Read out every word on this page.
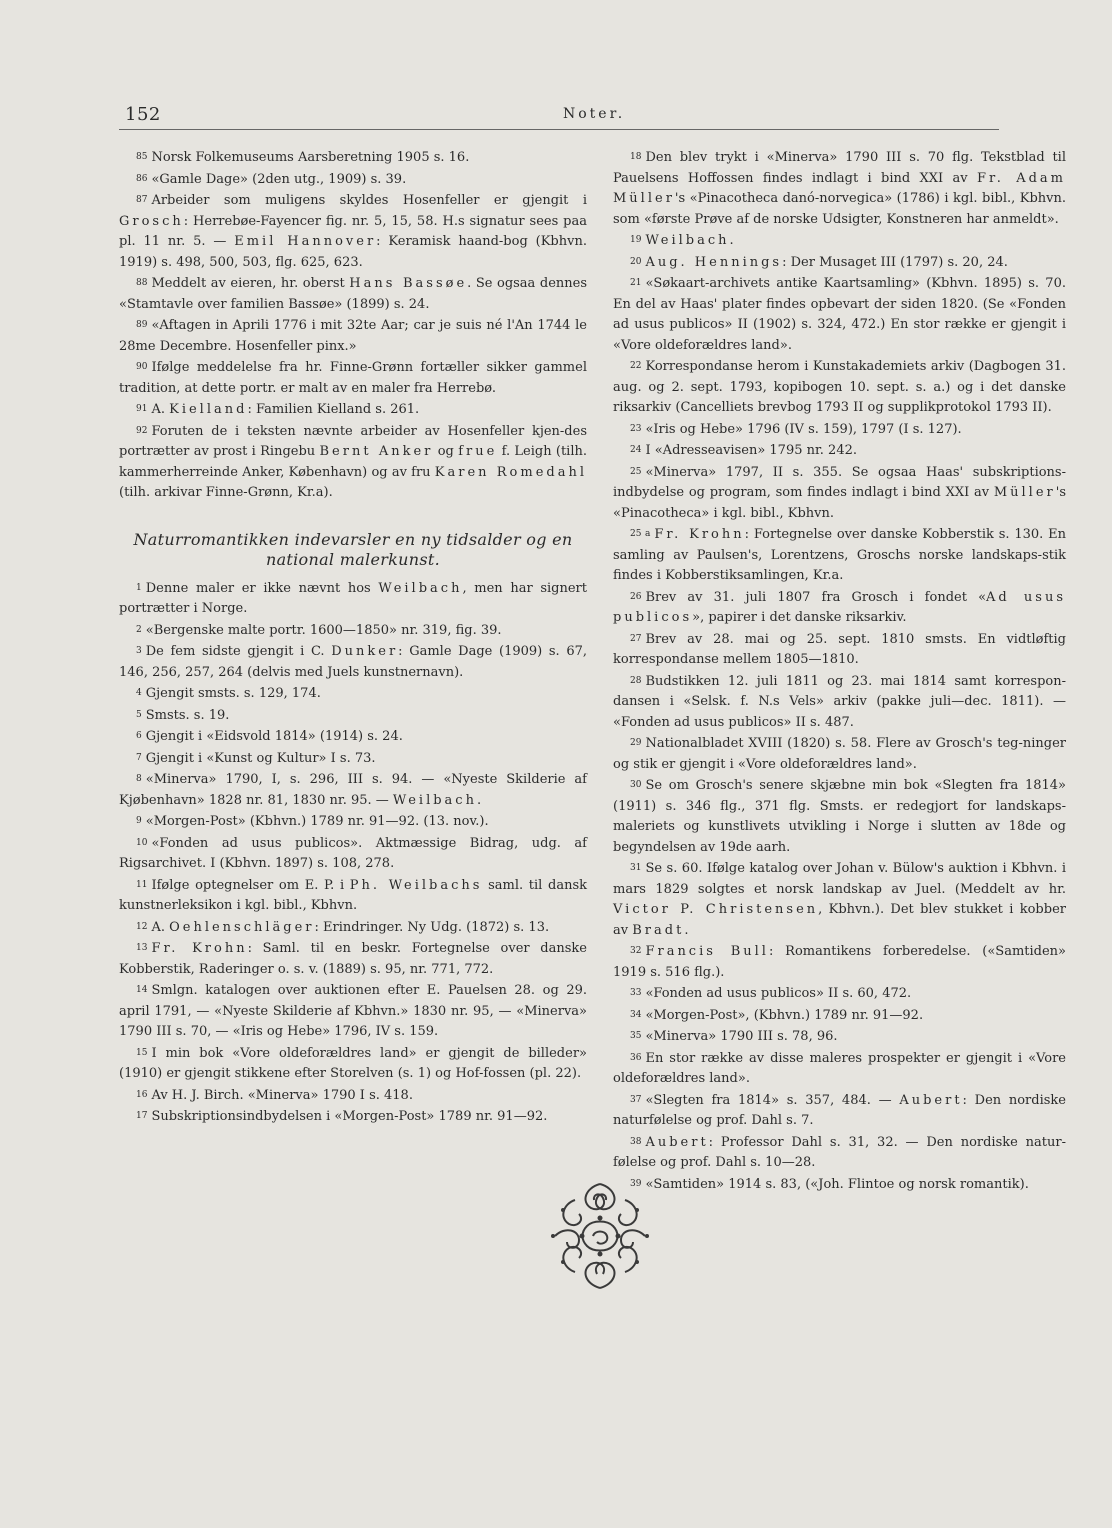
152	Noter.

85 Norsk Folkemuseums Aarsberetning 1905 s. 16.

86 «Gamle Dage» (2den utg., 1909) s. 39.

87 Arbeider som muligens skyldes Hosenfeller er gjengit i Grosch: Herrebøe-Fayencer fig. nr. 5, 15, 58. H.s signatur sees paa pl. 11 nr. 5. — Emil Hannover: Keramisk haand-bog (Kbhvn. 1919) s. 498, 500, 503, flg. 625, 623.

88 Meddelt av eieren, hr. oberst Hans Bassøe. Se ogsaa dennes «Stamtavle over familien Bassøe» (1899) s. 24.

89 «Aftagen in Aprili 1776 i mit 32te Aar; car je suis né l'An 1744 le 28me Decembre. Hosenfeller pinx.»

90 Ifølge meddelelse fra hr. Finne-Grønn fortæller sikker gammel tradition, at dette portr. er malt av en maler fra Herrebø.

91 A. Kielland: Familien Kielland s. 261.

92 Foruten de i teksten nævnte arbeider av Hosenfeller kjen-des portrætter av prost i Ringebu Bernt Anker og frue f. Leigh (tilh. kammerherreinde Anker, København) og av fru Karen Romedahl (tilh. arkivar Finne-Grønn, Kr.a).

Naturromantikken indevarsler en ny tidsalder og en national malerkunst.

1 Denne maler er ikke nævnt hos Weilbach, men har signert portrætter i Norge.

2 «Bergenske malte portr. 1600—1850» nr. 319, fig. 39.

3 De fem sidste gjengit i C. Dunker: Gamle Dage (1909) s. 67, 146, 256, 257, 264 (delvis med Juels kunstnernavn).

4 Gjengit smsts. s. 129, 174.

5 Smsts. s. 19.

6 Gjengit i «Eidsvold 1814» (1914) s. 24.

7 Gjengit i «Kunst og Kultur» I s. 73.

8 «Minerva» 1790, I, s. 296, III s. 94. — «Nyeste Skilderie af Kjøbenhavn» 1828 nr. 81, 1830 nr. 95. — Weilbach.

9 «Morgen-Post» (Kbhvn.) 1789 nr. 91—92. (13. nov.).

10 «Fonden ad usus publicos». Aktmæssige Bidrag, udg. af Rigsarchivet. I (Kbhvn. 1897) s. 108, 278.

11 Ifølge optegnelser om E. P. i Ph. Weilbachs saml. til dansk kunstnerleksikon i kgl. bibl., Kbhvn.

12 A. Oehlenschläger: Erindringer. Ny Udg. (1872) s. 13.

13 Fr. Krohn: Saml. til en beskr. Fortegnelse over danske Kobberstik, Raderinger o. s. v. (1889) s. 95, nr. 771, 772.

14 Smlgn. katalogen over auktionen efter E. Pauelsen 28. og 29. april 1791, — «Nyeste Skilderie af Kbhvn.» 1830 nr. 95, — «Minerva» 1790 III s. 70, — «Iris og Hebe» 1796, IV s. 159.

15 I min bok «Vore oldeforældres land» er gjengit de billeder» (1910) er gjengit stikkene efter Storelven (s. 1) og Hof-fossen (pl. 22).

16 Av H. J. Birch. «Minerva» 1790 I s. 418.

17 Subskriptionsindbydelsen i «Morgen-Post» 1789 nr. 91—92.

18 Den blev trykt i «Minerva» 1790 III s. 70 flg. Tekstblad til Pauelsens Hoffossen findes indlagt i bind XXI av Fr. Adam Müller's «Pinacotheca danó-norvegica» (1786) i kgl. bibl., Kbhvn. som «første Prøve af de norske Udsigter, Konstneren har anmeldt».

19 Weilbach.

20 Aug. Hennings: Der Musaget III (1797) s. 20, 24.

21 «Søkaart-archivets antike Kaartsamling» (Kbhvn. 1895) s. 70. En del av Haas' plater findes opbevart der siden 1820. (Se «Fonden ad usus publicos» II (1902) s. 324, 472.) En stor række er gjengit i «Vore oldeforældres land».

22 Korrespondanse herom i Kunstakademiets arkiv (Dagbogen 31. aug. og 2. sept. 1793, kopibogen 10. sept. s. a.) og i det danske riksarkiv (Cancelliets brevbog 1793 II og supplikprotokol 1793 II).

23 «Iris og Hebe» 1796 (IV s. 159), 1797 (I s. 127).

24 I «Adresseavisen» 1795 nr. 242.

25 «Minerva» 1797, II s. 355. Se ogsaa Haas' subskriptions-indbydelse og program, som findes indlagt i bind XXI av Müller's «Pinacotheca» i kgl. bibl., Kbhvn.

25 a Fr. Krohn: Fortegnelse over danske Kobberstik s. 130. En samling av Paulsen's, Lorentzens, Groschs norske landskaps-stik findes i Kobberstiksamlingen, Kr.a.

26 Brev av 31. juli 1807 fra Grosch i fondet «Ad usus publicos», papirer i det danske riksarkiv.

27 Brev av 28. mai og 25. sept. 1810 smsts. En vidtløftig korrespondanse mellem 1805—1810.

28 Budstikken 12. juli 1811 og 23. mai 1814 samt korrespon-dansen i «Selsk. f. N.s Vels» arkiv (pakke juli—dec. 1811). — «Fonden ad usus publicos» II s. 487.

29 Nationalbladet XVIII (1820) s. 58. Flere av Grosch's teg-ninger og stik er gjengit i «Vore oldeforældres land».

30 Se om Grosch's senere skjæbne min bok «Slegten fra 1814» (1911) s. 346 flg., 371 flg. Smsts. er redegjort for landskaps-maleriets og kunstlivets utvikling i Norge i slutten av 18de og begyndelsen av 19de aarh.

31 Se s. 60. Ifølge katalog over Johan v. Bülow's auktion i Kbhvn. i mars 1829 solgtes et norsk landskap av Juel. (Meddelt av hr. Victor P. Christensen, Kbhvn.). Det blev stukket i kobber av Bradt.

32 Francis Bull: Romantikens forberedelse. («Samtiden» 1919 s. 516 flg.).

33 «Fonden ad usus publicos» II s. 60, 472.

34 «Morgen-Post», (Kbhvn.) 1789 nr. 91—92.

35 «Minerva» 1790 III s. 78, 96.

36 En stor række av disse maleres prospekter er gjengit i «Vore oldeforældres land».

37 «Slegten fra 1814» s. 357, 484. — Aubert: Den nordiske naturfølelse og prof. Dahl s. 7.

38 Aubert: Professor Dahl s. 31, 32. — Den nordiske natur-følelse og prof. Dahl s. 10—28.

39 «Samtiden» 1914 s. 83, («Joh. Flintoe og norsk romantik).
